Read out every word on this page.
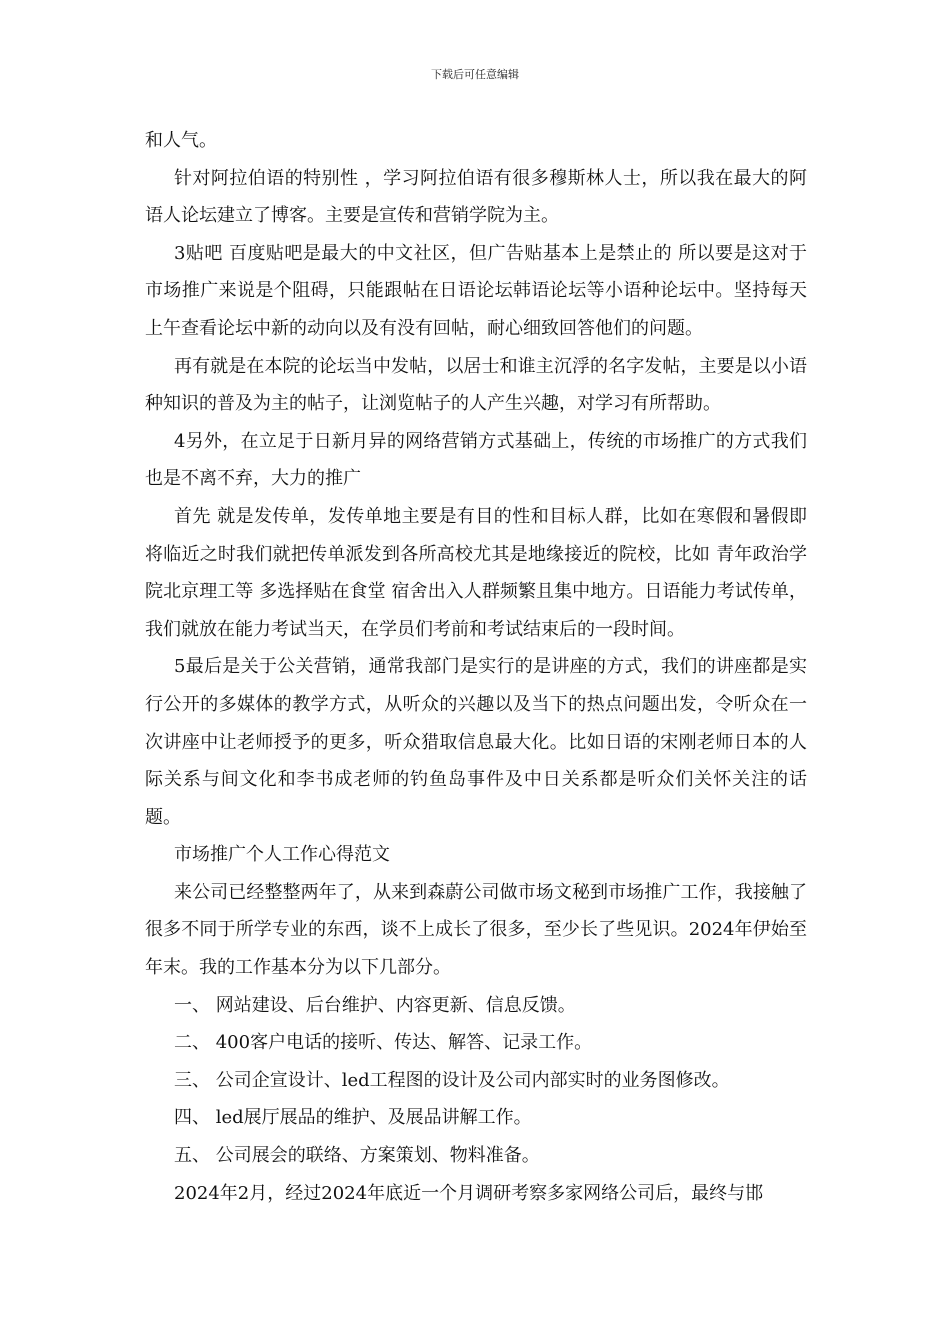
下载后可任意编辑

和人气。

针对阿拉伯语的特别性 ，学习阿拉伯语有很多穆斯林人士，所以我在最大的阿语人论坛建立了博客。主要是宣传和营销学院为主。

3贴吧 百度贴吧是最大的中文社区，但广告贴基本上是禁止的 所以要是这对于市场推广来说是个阻碍，只能跟帖在日语论坛韩语论坛等小语种论坛中。坚持每天上午查看论坛中新的动向以及有没有回帖，耐心细致回答他们的问题。

再有就是在本院的论坛当中发帖，以居士和谁主沉浮的名字发帖，主要是以小语种知识的普及为主的帖子，让浏览帖子的人产生兴趣，对学习有所帮助。

4另外，在立足于日新月异的网络营销方式基础上，传统的市场推广的方式我们也是不离不弃，大力的推广

首先 就是发传单，发传单地主要是有目的性和目标人群，比如在寒假和暑假即将临近之时我们就把传单派发到各所高校尤其是地缘接近的院校，比如 青年政治学院北京理工等 多选择贴在食堂 宿舍出入人群频繁且集中地方。日语能力考试传单，我们就放在能力考试当天，在学员们考前和考试结束后的一段时间。

5最后是关于公关营销，通常我部门是实行的是讲座的方式，我们的讲座都是实行公开的多媒体的教学方式，从听众的兴趣以及当下的热点问题出发，令听众在一次讲座中让老师授予的更多，听众猎取信息最大化。比如日语的宋刚老师日本的人际关系与间文化和李书成老师的钓鱼岛事件及中日关系都是听众们关怀关注的话题。

市场推广个人工作心得范文

来公司已经整整两年了，从来到森蔚公司做市场文秘到市场推广工作，我接触了很多不同于所学专业的东西，谈不上成长了很多，至少长了些见识。2024年伊始至年末。我的工作基本分为以下几部分。

一、 网站建设、后台维护、内容更新、信息反馈。

二、 400客户电话的接听、传达、解答、记录工作。

三、 公司企宣设计、led工程图的设计及公司内部实时的业务图修改。

四、 led展厅展品的维护、及展品讲解工作。

五、 公司展会的联络、方案策划、物料准备。

2024年2月，经过2024年底近一个月调研考察多家网络公司后，最终与邯
